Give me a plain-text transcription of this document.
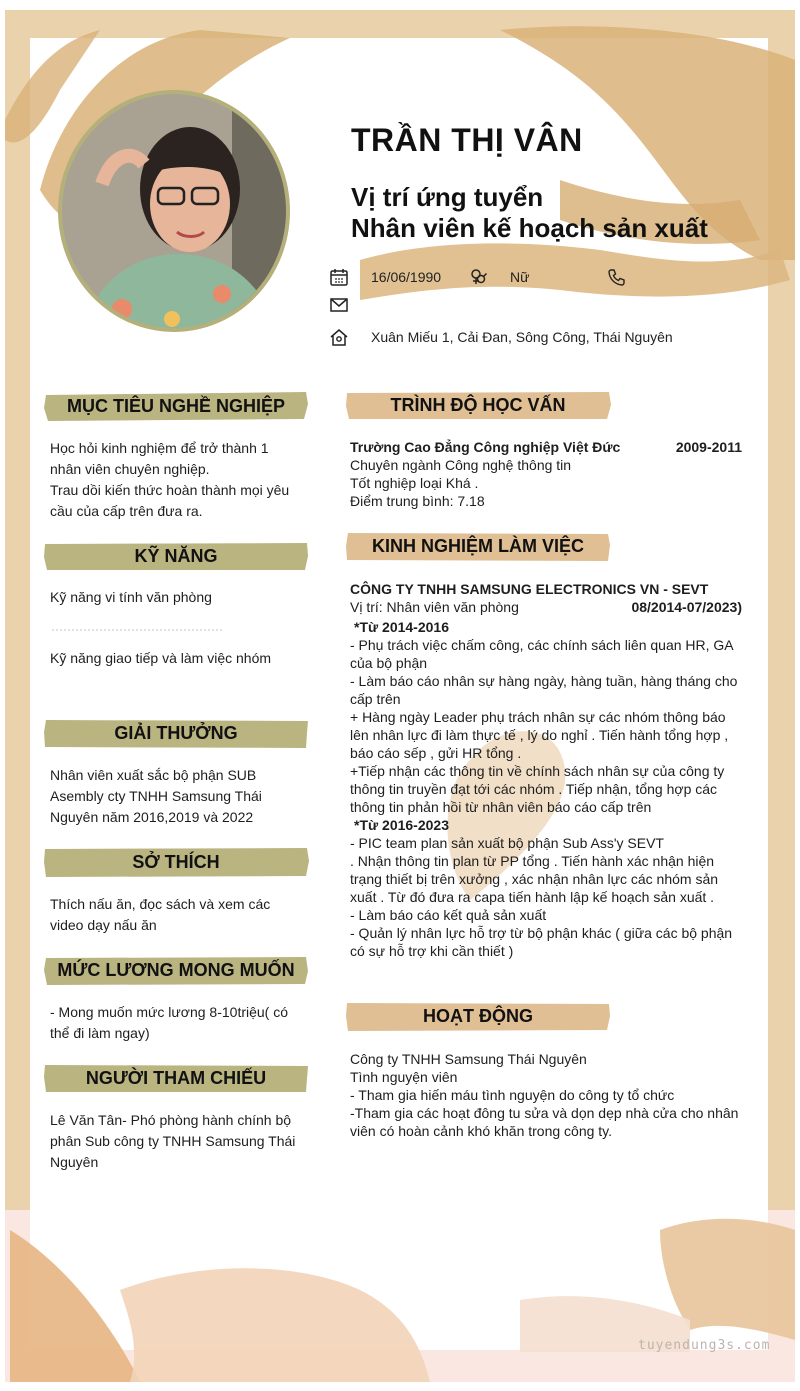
TRẦN THỊ VÂN
Vị trí ứng tuyển
Nhân viên kế hoạch sản xuất
16/06/1990	Nữ
Xuân Miếu 1, Cải Đan, Sông Công, Thái Nguyên
MỤC TIÊU NGHỀ NGHIỆP
Học hỏi kinh nghiệm để trở thành 1
nhân viên chuyên nghiệp.
Trau dồi kiến thức hoàn thành mọi yêu
cầu của cấp trên đưa ra.
KỸ NĂNG
Kỹ năng vi tính văn phòng
Kỹ năng giao tiếp và làm việc nhóm
GIẢI THƯỞNG
Nhân viên xuất sắc bộ phận SUB
Asembly cty TNHH Samsung Thái
Nguyên năm 2016,2019 và 2022
SỞ THÍCH
Thích nấu ăn, đọc sách và xem các
video dạy nấu ăn
MỨC LƯƠNG MONG MUỐN
- Mong muốn mức lương 8-10triệu( có
thể đi làm ngay)
NGƯỜI THAM CHIẾU
Lê Văn Tân- Phó phòng hành chính bộ
phân Sub công ty TNHH Samsung Thái
Nguyên
TRÌNH ĐỘ HỌC VẤN
Trường Cao Đẳng Công nghiệp Việt Đức	2009-2011
Chuyên ngành Công nghệ thông tin
Tốt nghiệp loại Khá .
Điểm trung bình: 7.18
KINH NGHIỆM LÀM VIỆC
CÔNG TY TNHH SAMSUNG ELECTRONICS VN - SEVT
Vị trí: Nhân viên văn phòng	08/2014-07/2023)
*Từ 2014-2016
- Phụ trách việc chấm công, các chính sách liên quan HR, GA
của bộ phận
- Làm báo cáo nhân sự hàng ngày, hàng tuần, hàng tháng cho
cấp trên
+ Hàng ngày Leader phụ trách nhân sự các nhóm thông báo
lên nhân lực đi làm thực tế , lý do nghỉ . Tiến hành tổng hợp ,
báo cáo sếp , gửi HR tổng .
+Tiếp nhận các thông tin về chính sách nhân sự của công ty
thông tin truyền đạt tới các nhóm . Tiếp nhận, tổng hợp các
thông tin phản hồi từ nhân viên báo cáo cấp trên
*Từ 2016-2023
- PIC team plan sản xuất bộ phận Sub Ass'y SEVT
. Nhận thông tin plan từ PP tổng . Tiến hành xác nhận hiện
trạng thiết bị trên xưởng , xác nhận nhân lực các nhóm sản
xuất . Từ đó đưa ra capa tiến hành lập kế hoạch sản xuất .
- Làm báo cáo kết quả sản xuất
- Quản lý nhân lực hỗ trợ từ bộ phận khác ( giữa các bộ phận
có sự hỗ trợ khi cần thiết )
HOẠT ĐỘNG
Công ty TNHH Samsung Thái Nguyên
Tình nguyện viên
- Tham gia hiến máu tình nguyện do công ty tổ chức
-Tham gia các hoạt đông tu sửa và dọn dẹp nhà cửa cho nhân
viên có hoàn cảnh khó khăn trong công ty.
tuyendung3s.com
